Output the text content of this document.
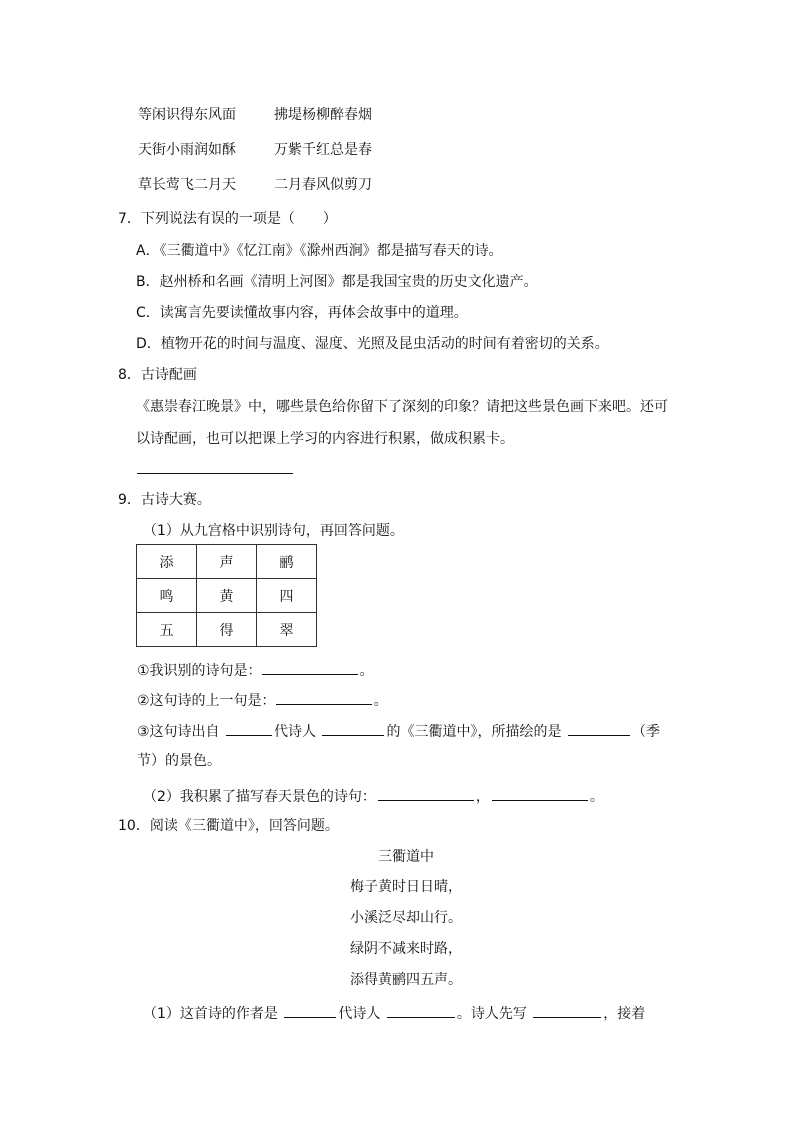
等闲识得东风面	拂堤杨柳醉春烟
天街小雨润如酥	万紫千红总是春
草长莺飞二月天	二月春风似剪刀
7．下列说法有误的一项是（　　）
A．《三衢道中》《忆江南》《滁州西涧》都是描写春天的诗。
B．赵州桥和名画《清明上河图》都是我国宝贵的历史文化遗产。
C．读寓言先要读懂故事内容，再体会故事中的道理。
D．植物开花的时间与温度、湿度、光照及昆虫活动的时间有着密切的关系。
8．古诗配画
《惠崇春江晚景》中，哪些景色给你留下了深刻的印象？请把这些景色画下来吧。还可
以诗配画，也可以把课上学习的内容进行积累，做成积累卡。
9．古诗大赛。
（1）从九宫格中识别诗句，再回答问题。
添	声	鹂
鸣	黄	四
五	得	翠
①我识别的诗句是：	。
②这句诗的上一句是：	。
③这句诗出自	代诗人	的《三衢道中》，所描绘的是	（季
节）的景色。
（2）我积累了描写春天景色的诗句：	，	。
10．阅读《三衢道中》，回答问题。
三衢道中
梅子黄时日日晴，
小溪泛尽却山行。
绿阴不减来时路，
添得黄鹂四五声。
（1）这首诗的作者是	代诗人	。诗人先写	，接着
